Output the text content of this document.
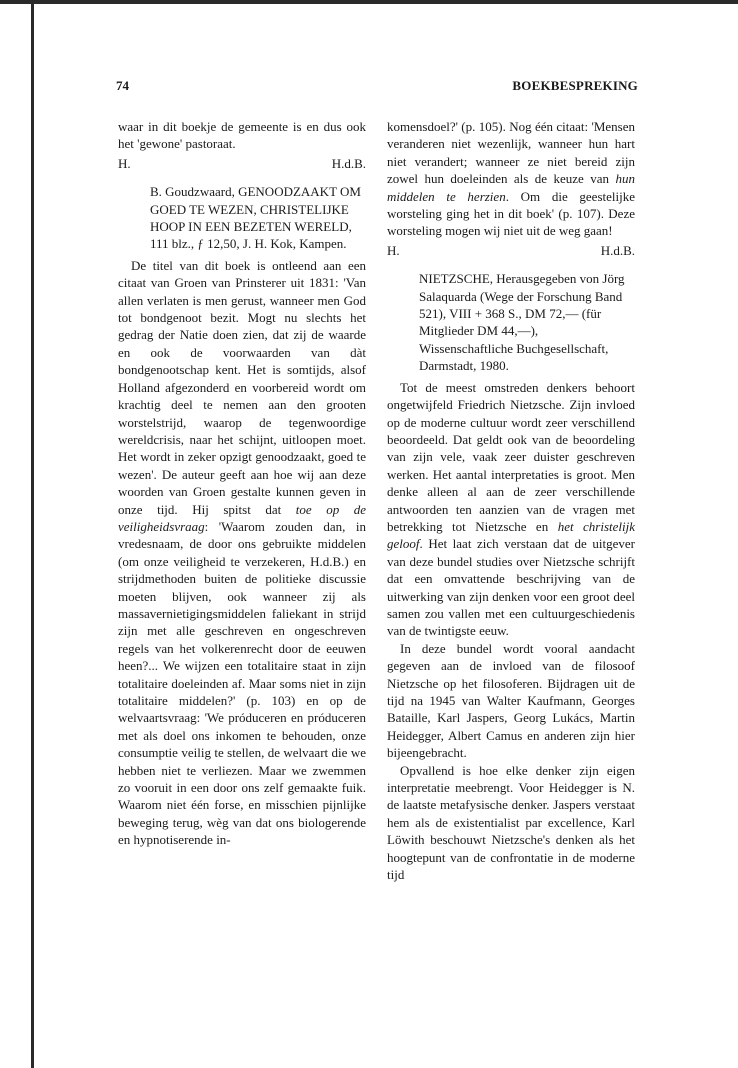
74	BOEKBESPREKING

waar in dit boekje de gemeente is en dus ook het 'gewone' pastoraat.

H.	H.d.B.

B. Goudzwaard, GENOODZAAKT OM GOED TE WEZEN, CHRISTELIJKE HOOP IN EEN BEZETEN WERELD, 111 blz., ƒ 12,50, J. H. Kok, Kampen.

De titel van dit boek is ontleend aan een citaat van Groen van Prinsterer uit 1831: 'Van allen verlaten is men gerust, wanneer men God tot bondgenoot bezit. Mogt nu slechts het gedrag der Natie doen zien, dat zij de waarde en ook de voorwaarden van dàt bondgenootschap kent. Het is somtijds, alsof Holland afgezonderd en voorbereid wordt om krachtig deel te nemen aan den grooten worstelstrijd, waarop de tegenwoordige wereldcrisis, naar het schijnt, uitloopen moet. Het wordt in zeker opzigt genoodzaakt, goed te wezen'. De auteur geeft aan hoe wij aan deze woorden van Groen gestalte kunnen geven in onze tijd. Hij spitst dat toe op de veiligheidsvraag: 'Waarom zouden dan, in vredesnaam, de door ons gebruikte middelen (om onze veiligheid te verzekeren, H.d.B.) en strijdmethoden buiten de politieke discussie moeten blijven, ook wanneer zij als massavernietigingsmiddelen faliekant in strijd zijn met alle geschreven en ongeschreven regels van het volkerenrecht door de eeuwen heen?... We wijzen een totalitaire staat in zijn totalitaire doeleinden af. Maar soms niet in zijn totalitaire middelen?' (p. 103) en op de welvaartsvraag: 'We próduceren en próduceren met als doel ons inkomen te behouden, onze consumptie veilig te stellen, de welvaart die we hebben niet te verliezen. Maar we zwemmen zo vooruit in een door ons zelf gemaakte fuik. Waarom niet één forse, en misschien pijnlijke beweging terug, wèg van dat ons biologerende en hypnotiserende in-

komensdoel?' (p. 105). Nog één citaat: 'Mensen veranderen niet wezenlijk, wanneer hun hart niet verandert; wanneer ze niet bereid zijn zowel hun doeleinden als de keuze van hun middelen te herzien. Om die geestelijke worsteling ging het in dit boek' (p. 107). Deze worsteling mogen wij niet uit de weg gaan!

H.	H.d.B.

NIETZSCHE, Herausgegeben von Jörg Salaquarda (Wege der Forschung Band 521), VIII + 368 S., DM 72,— (für Mitglieder DM 44,—), Wissenschaftliche Buchgesellschaft, Darmstadt, 1980.

Tot de meest omstreden denkers behoort ongetwijfeld Friedrich Nietzsche. Zijn invloed op de moderne cultuur wordt zeer verschillend beoordeeld. Dat geldt ook van de beoordeling van zijn vele, vaak zeer duister geschreven werken. Het aantal interpretaties is groot. Men denke alleen al aan de zeer verschillende antwoorden ten aanzien van de vragen met betrekking tot Nietzsche en het christelijk geloof. Het laat zich verstaan dat de uitgever van deze bundel studies over Nietzsche schrijft dat een omvattende beschrijving van de uitwerking van zijn denken voor een groot deel samen zou vallen met een cultuurgeschiedenis van de twintigste eeuw.

In deze bundel wordt vooral aandacht gegeven aan de invloed van de filosoof Nietzsche op het filosoferen. Bijdragen uit de tijd na 1945 van Walter Kaufmann, Georges Bataille, Karl Jaspers, Georg Lukács, Martin Heidegger, Albert Camus en anderen zijn hier bijeengebracht.

Opvallend is hoe elke denker zijn eigen interpretatie meebrengt. Voor Heidegger is N. de laatste metafysische denker. Jaspers verstaat hem als de existentialist par excellence, Karl Löwith beschouwt Nietzsche's denken als het hoogtepunt van de confrontatie in de moderne tijd
